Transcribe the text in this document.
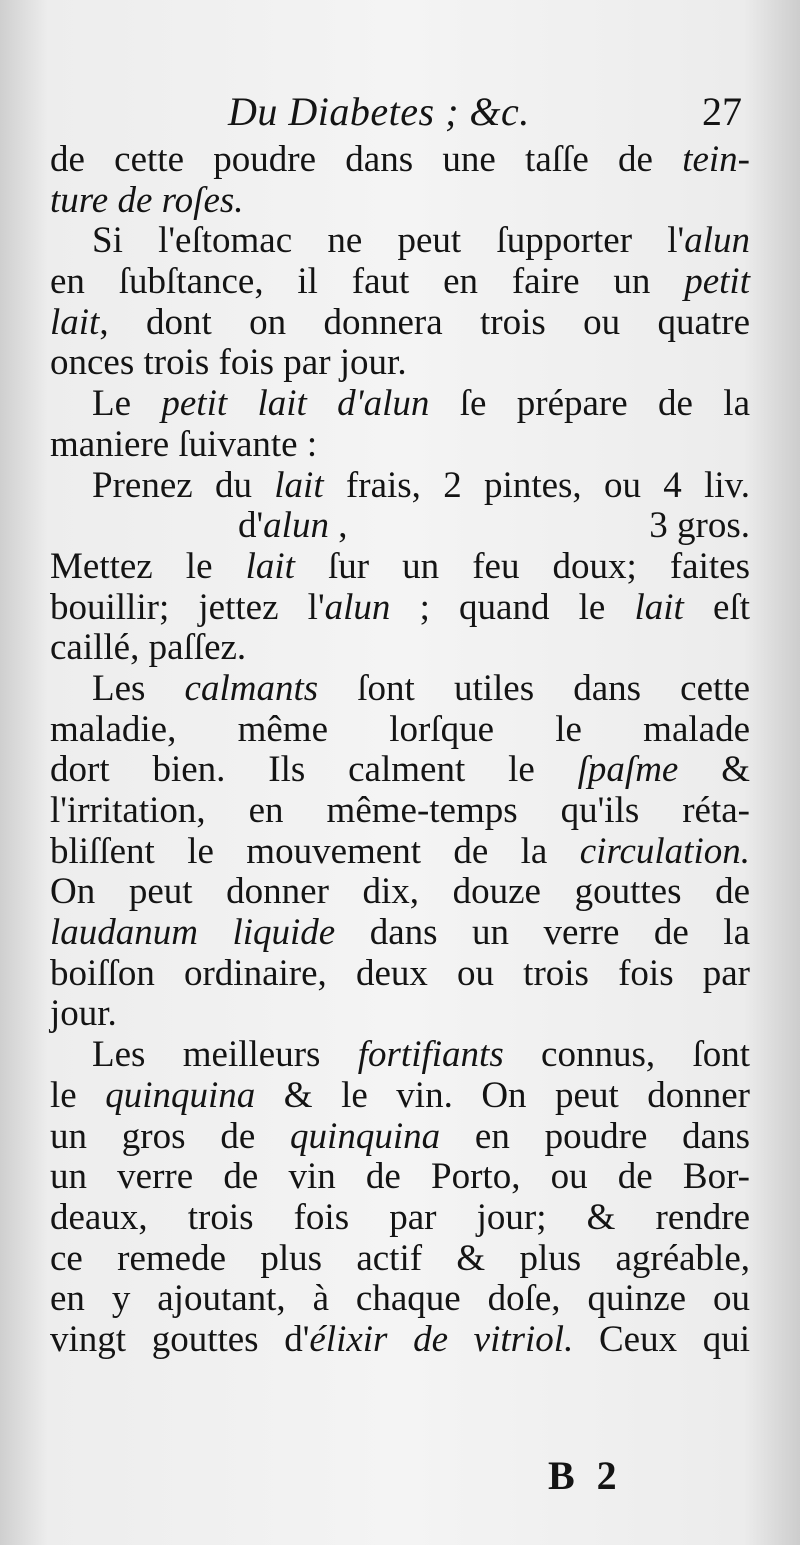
Du Diabetes ; &c.	27
de cette poudre dans une taſſe de tein-
ture de roſes.
Si l'eſtomac ne peut ſupporter l'alun
en ſubſtance, il faut en faire un petit
lait, dont on donnera trois ou quatre
onces trois fois par jour.
Le petit lait d'alun ſe prépare de la
maniere ſuivante :
Prenez du lait frais, 2 pintes, ou 4 liv.
d'alun ,	3 gros.
Mettez le lait ſur un feu doux; faites
bouillir; jettez l'alun ; quand le lait eſt
caillé, paſſez.
Les calmants ſont utiles dans cette
maladie, même lorſque le malade
dort bien. Ils calment le ſpaſme &
l'irritation, en même-temps qu'ils réta-
bliſſent le mouvement de la circulation.
On peut donner dix, douze gouttes de
laudanum liquide dans un verre de la
boiſſon ordinaire, deux ou trois fois par
jour.
Les meilleurs fortifiants connus, ſont
le quinquina & le vin. On peut donner
un gros de quinquina en poudre dans
un verre de vin de Porto, ou de Bor-
deaux, trois fois par jour; & rendre
ce remede plus actif & plus agréable,
en y ajoutant, à chaque doſe, quinze ou
vingt gouttes d'élixir de vitriol. Ceux qui
B 2
